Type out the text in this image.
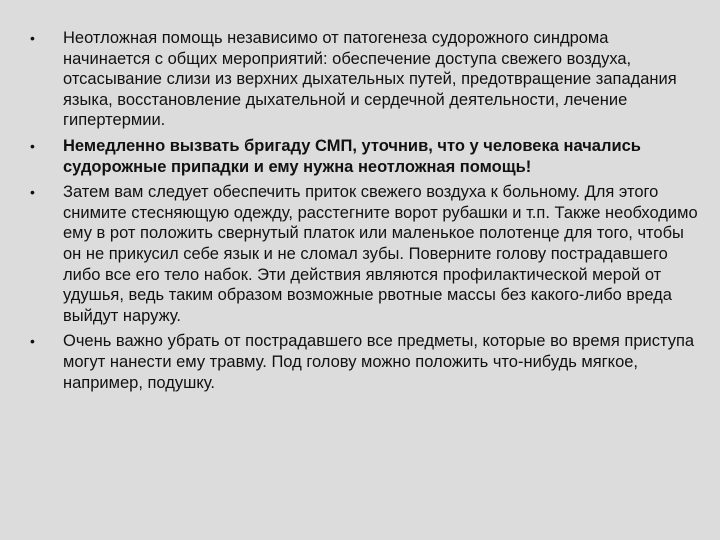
• Неотложная помощь независимо от патогенеза судорожного синдрома начинается с общих мероприятий: обеспечение доступа свежего воздуха, отсасывание слизи из верхних дыхательных путей, предотвращение западания языка, восстановление дыхательной и сердечной деятельности, лечение гипертермии.
• Немедленно вызвать бригаду СМП, уточнив, что у человека начались судорожные припадки и ему нужна неотложная помощь!
• Затем вам следует обеспечить приток свежего воздуха к больному. Для этого снимите стесняющую одежду, расстегните ворот рубашки и т.п. Также необходимо ему в рот положить свернутый платок или маленькое полотенце для того, чтобы он не прикусил себе язык и не сломал зубы. Поверните голову пострадавшего либо все его тело набок. Эти действия являются профилактической мерой от удушья, ведь таким образом возможные рвотные массы без какого-либо вреда выйдут наружу.
• Очень важно убрать от пострадавшего все предметы, которые во время приступа могут нанести ему травму. Под голову можно положить что-нибудь мягкое, например, подушку.
